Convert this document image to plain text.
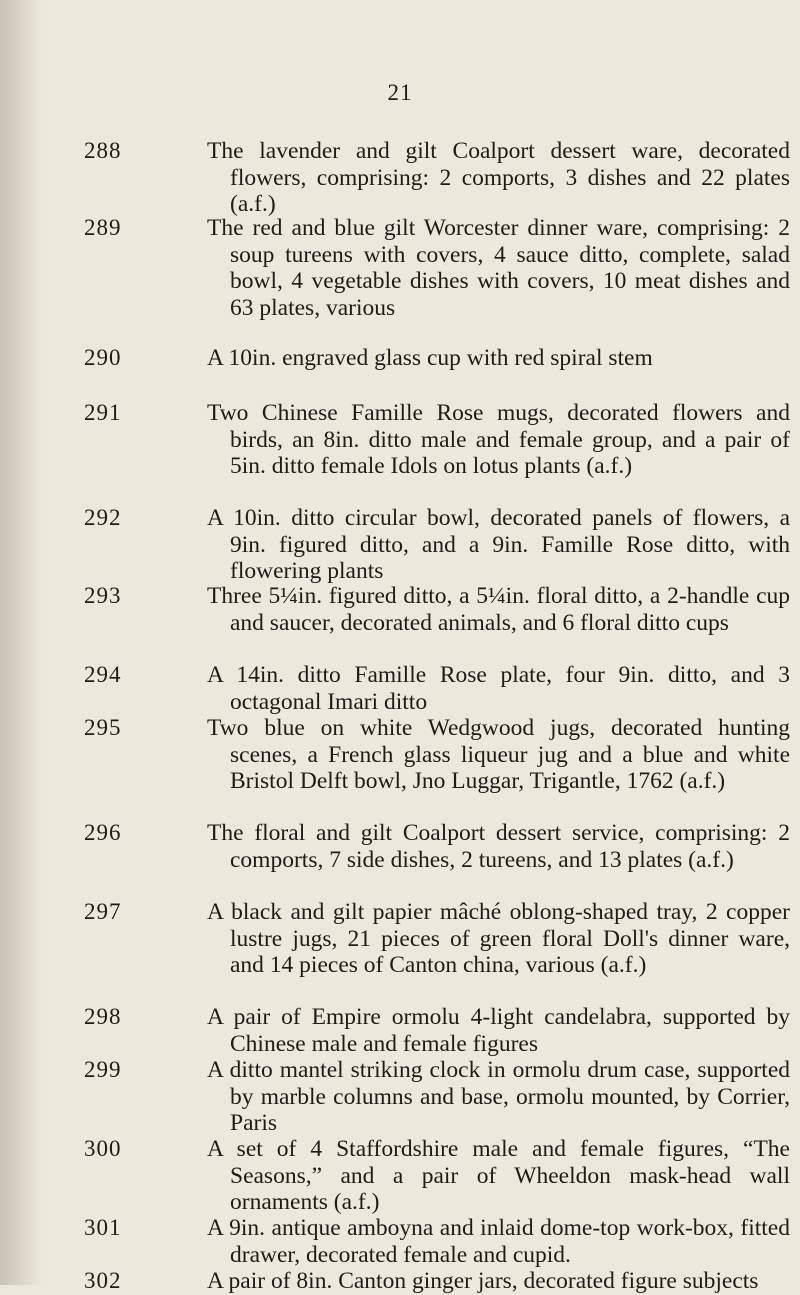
21
288	The lavender and gilt Coalport dessert ware, decorated flowers, comprising: 2 comports, 3 dishes and 22 plates (a.f.)

289	The red and blue gilt Worcester dinner ware, comprising: 2 soup tureens with covers, 4 sauce ditto, complete, salad bowl, 4 vegetable dishes with covers, 10 meat dishes and 63 plates, various

290	A 10in. engraved glass cup with red spiral stem

291	Two Chinese Famille Rose mugs, decorated flowers and birds, an 8in. ditto male and female group, and a pair of 5in. ditto female Idols on lotus plants (a.f.)

292	A 10in. ditto circular bowl, decorated panels of flowers, a 9in. figured ditto, and a 9in. Famille Rose ditto, with flowering plants

293	Three 5¼in. figured ditto, a 5¼in. floral ditto, a 2-handle cup and saucer, decorated animals, and 6 floral ditto cups

294	A 14in. ditto Famille Rose plate, four 9in. ditto, and 3 octagonal Imari ditto

295	Two blue on white Wedgwood jugs, decorated hunting scenes, a French glass liqueur jug and a blue and white Bristol Delft bowl, Jno Luggar, Trigantle, 1762 (a.f.)

296	The floral and gilt Coalport dessert service, comprising: 2 comports, 7 side dishes, 2 tureens, and 13 plates (a.f.)

297	A black and gilt papier mâché oblong-shaped tray, 2 copper lustre jugs, 21 pieces of green floral Doll's dinner ware, and 14 pieces of Canton china, various (a.f.)

298	A pair of Empire ormolu 4-light candelabra, supported by Chinese male and female figures

299	A ditto mantel striking clock in ormolu drum case, supported by marble columns and base, ormolu mounted, by Corrier, Paris

300	A set of 4 Staffordshire male and female figures, “The Seasons,” and a pair of Wheeldon mask-head wall ornaments (a.f.)

301	A 9in. antique amboyna and inlaid dome-top work-box, fitted drawer, decorated female and cupid.

302	A pair of 8in. Canton ginger jars, decorated figure subjects
